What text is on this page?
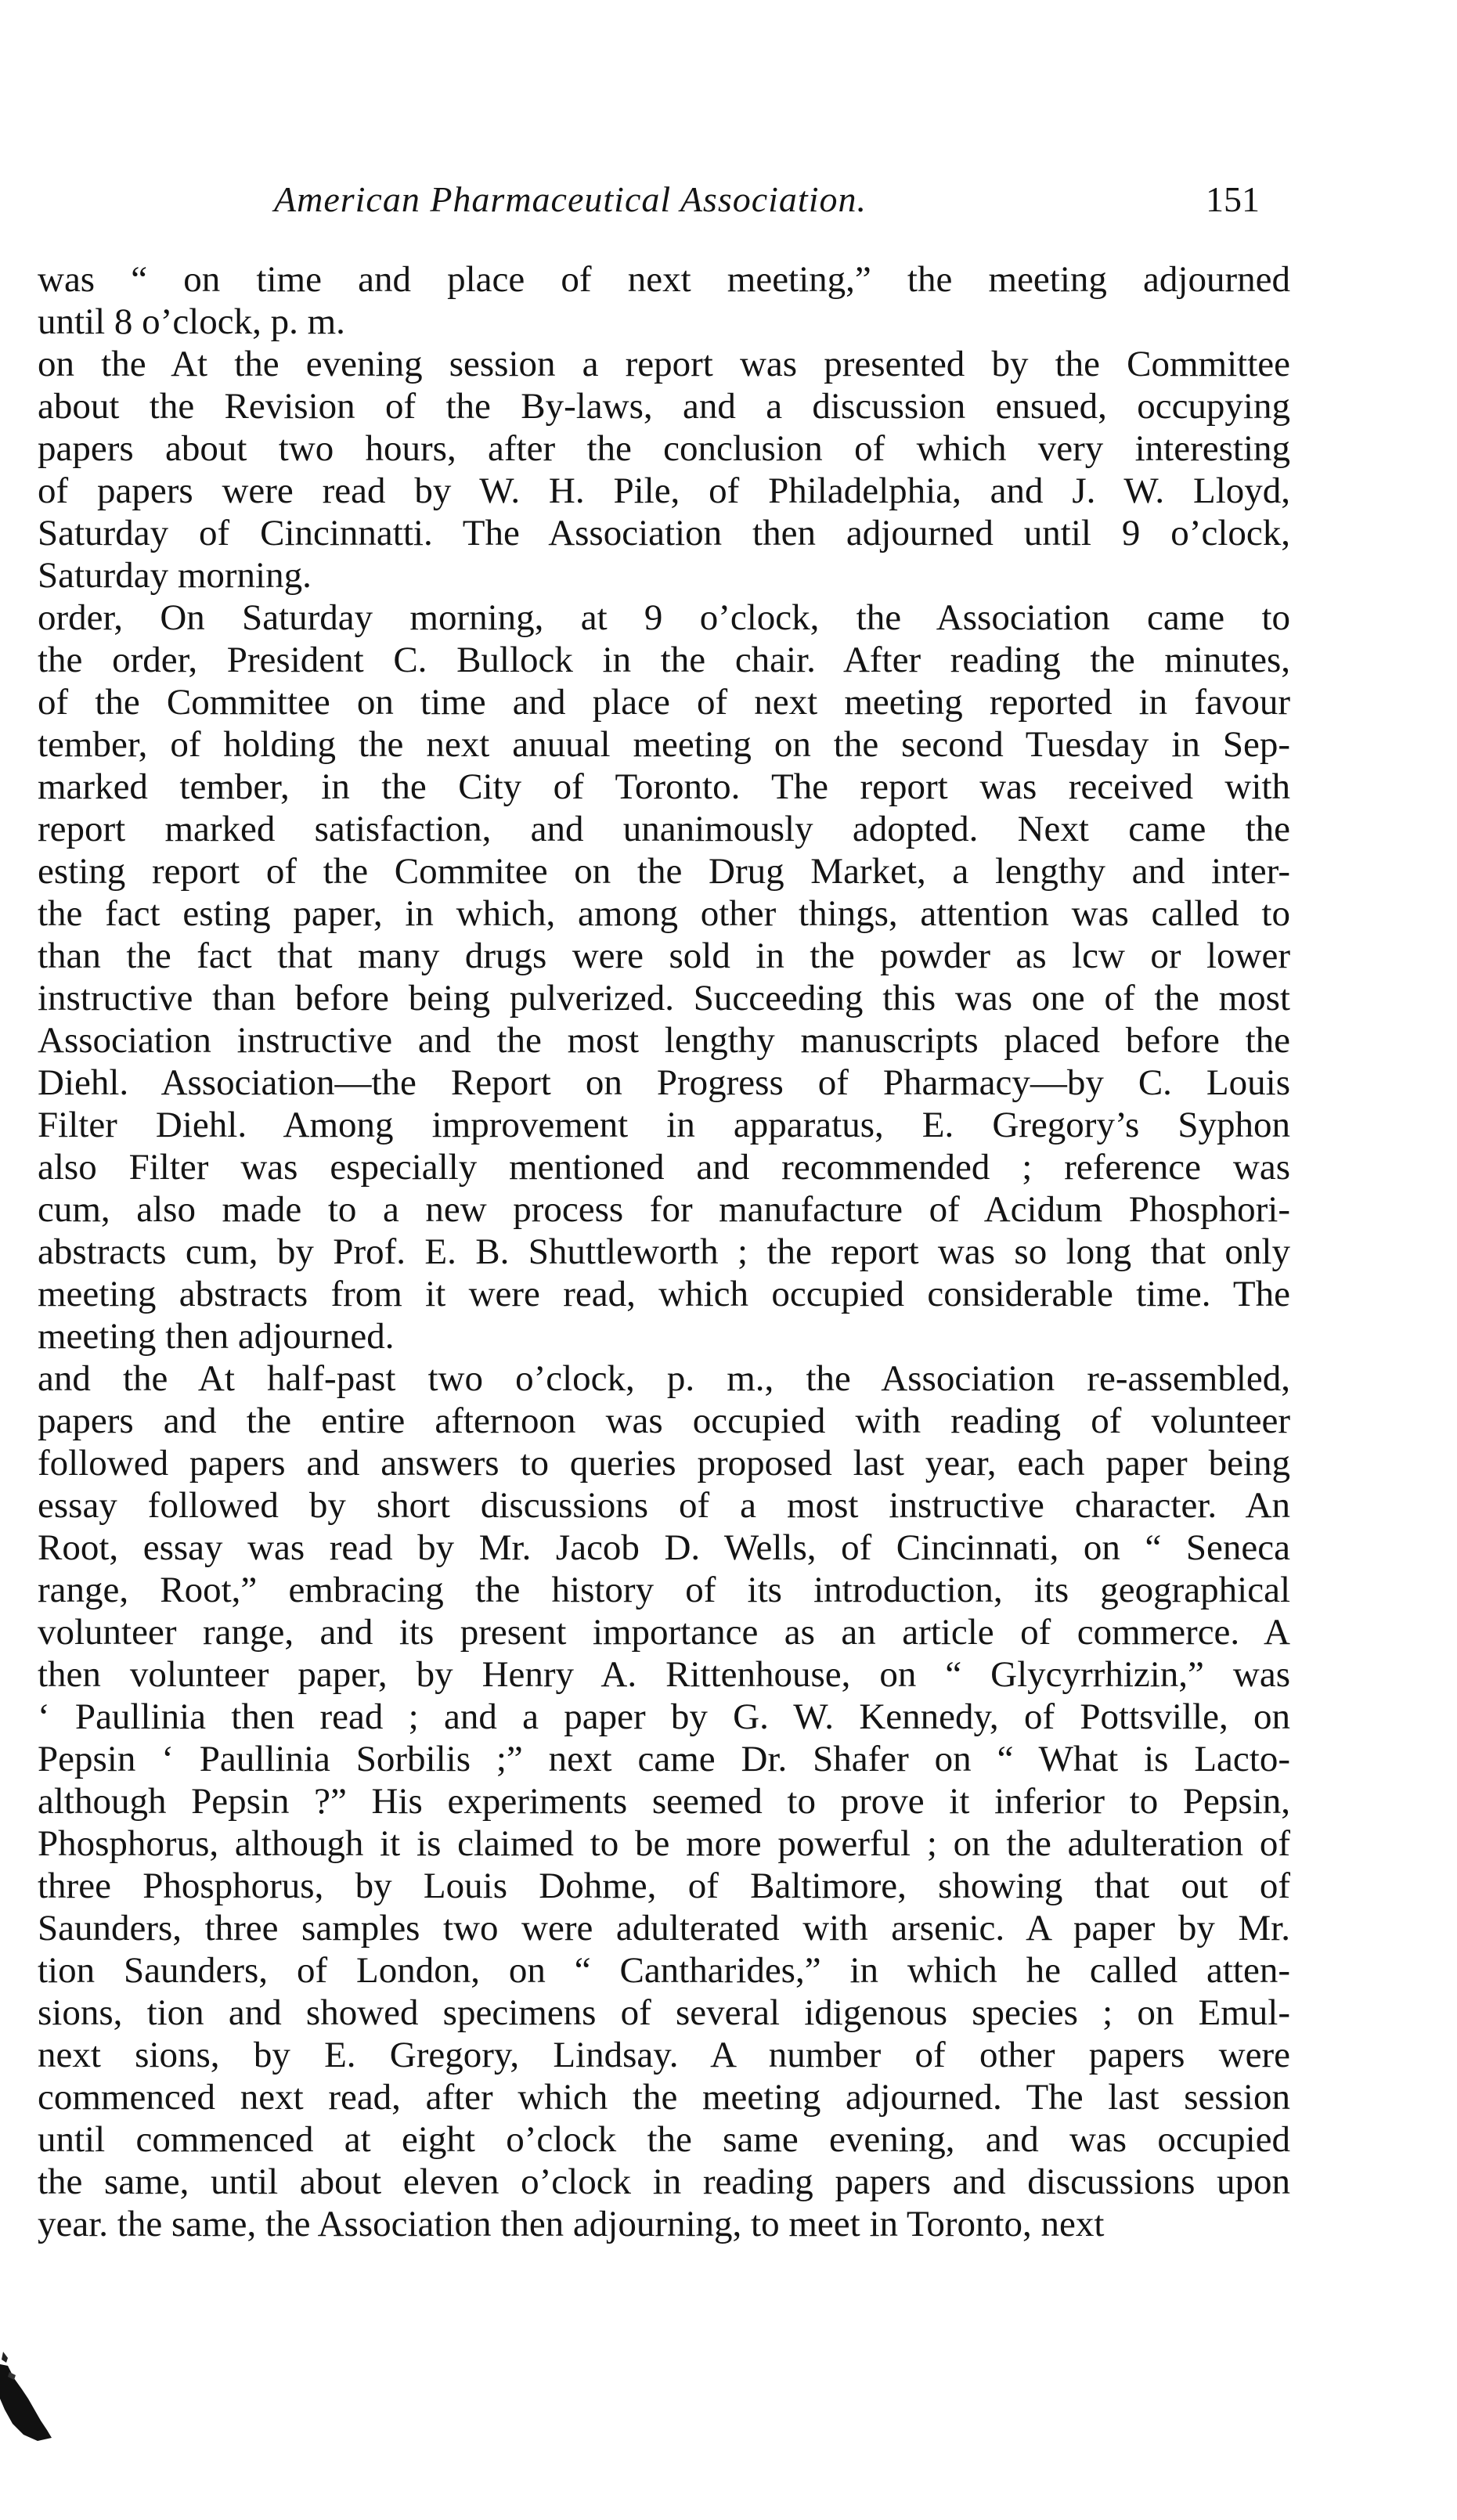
American Pharmaceutical Association.	151
was “ on time and place of next meeting,” the meeting adjourned
until 8 o’clock, p. m.
on the At the evening session a report was presented by the Committee
about the Revision of the By-laws, and a discussion ensued, occupying
papers about two hours, after the conclusion of which very interesting
of papers were read by W. H. Pile, of Philadelphia, and J. W. Lloyd,
Saturday of Cincinnatti. The Association then adjourned until 9 o’clock,
Saturday morning.
order, On Saturday morning, at 9 o’clock, the Association came to
the order, President C. Bullock in the chair. After reading the minutes,
of the Committee on time and place of next meeting reported in favour
tember, of holding the next anuual meeting on the second Tuesday in Sep-
marked tember, in the City of Toronto. The report was received with
report marked satisfaction, and unanimously adopted. Next came the
esting report of the Commitee on the Drug Market, a lengthy and inter-
the fact esting paper, in which, among other things, attention was called to
than the fact that many drugs were sold in the powder as lcw or lower
instructive than before being pulverized. Succeeding this was one of the most
Association instructive and the most lengthy manuscripts placed before the
Diehl. Association—the Report on Progress of Pharmacy—by C. Louis
Filter Diehl. Among improvement in apparatus, E. Gregory’s Syphon
also Filter was especially mentioned and recommended ; reference was
cum, also made to a new process for manufacture of Acidum Phosphori-
abstracts cum, by Prof. E. B. Shuttleworth ; the report was so long that only
meeting abstracts from it were read, which occupied considerable time. The
meeting then adjourned.
and the At half-past two o’clock, p. m., the Association re-assembled,
papers and the entire afternoon was occupied with reading of volunteer
followed papers and answers to queries proposed last year, each paper being
essay followed by short discussions of a most instructive character. An
Root, essay was read by Mr. Jacob D. Wells, of Cincinnati, on “ Seneca
range, Root,” embracing the history of its introduction, its geographical
volunteer range, and its present importance as an article of commerce. A
then volunteer paper, by Henry A. Rittenhouse, on “ Glycyrrhizin,” was
‘ Paullinia then read ; and a paper by G. W. Kennedy, of Pottsville, on
Pepsin ‘ Paullinia Sorbilis ;” next came Dr. Shafer on “ What is Lacto-
although Pepsin ?” His experiments seemed to prove it inferior to Pepsin,
Phosphorus, although it is claimed to be more powerful ; on the adulteration of
three Phosphorus, by Louis Dohme, of Baltimore, showing that out of
Saunders, three samples two were adulterated with arsenic. A paper by Mr.
tion Saunders, of London, on “ Cantharides,” in which he called atten-
sions, tion and showed specimens of several idigenous species ; on Emul-
next sions, by E. Gregory, Lindsay. A number of other papers were
commenced next read, after which the meeting adjourned. The last session
until commenced at eight o’clock the same evening, and was occupied
the same, until about eleven o’clock in reading papers and discussions upon
year. the same, the Association then adjourning, to meet in Toronto, next
